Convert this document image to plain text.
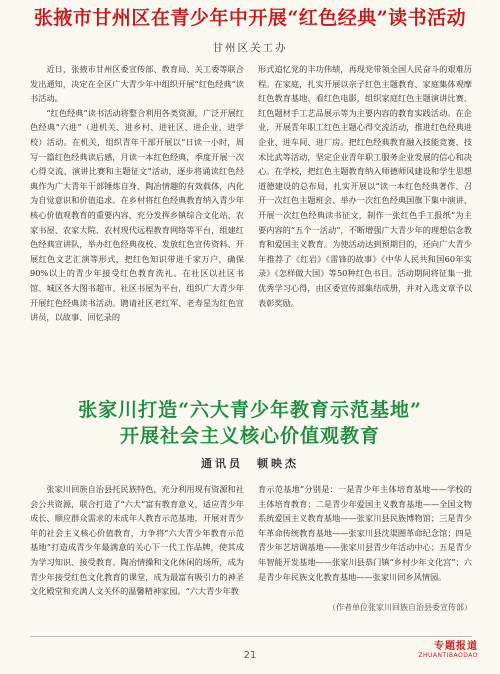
张掖市甘州区在青少年中开展“红色经典”读书活动
甘州区关工办

近日，张掖市甘州区委宣传部、教育局、关工委等联合发出通知，决定在全区广大青少年中组织开展“红色经典”读书活动。

“红色经典”读书活动将整合利用各类资源，广泛开展红色经典“六进”（进机关、进乡村、进社区、进企业、进学校）活动。在机关，组织青年干部开展以“日读一小时，周写一篇红色经典读后感，月读一本红色经典，季度开展一次心得交流、演讲比赛和主题征文”活动，逐步将诵读红色经典作为广大青年干部锤炼自身、陶冶情趣的有效载体，内化为自觉意识和价值追求。在乡村将红色经典教育纳入青少年核心价值观教育的重要内容，充分发挥乡镇综合文化站、农家书屋、农家大院、农村现代远程教育网络等平台，组建红色经典宣讲队，举办红色经典夜校、发放红色宣传资料、开展红色文艺汇演等形式，把红色知识带进千家万户，确保90%以上的青少年接受红色教育洗礼。在社区以社区书馆、城区各大图书超市、社区书屋为平台，组织广大青少年开展红色经典读书活动。聘请社区老红军、老寿星为红色宣讲员，以故事、回忆录的

形式追忆党的丰功伟绩，再现党带领全国人民奋斗的艰难历程。在家庭，扎实开展以亲子红色主题教育、家庭集体观摩红色教育基地、看红色电影，组织家庭红色主题演讲比赛、红色题材手工艺品展示等为主要内容的教育实践活动。在企业，开展青年职工红色主题心得交流活动，推进红色经典进企业、进车间、进厂房。把红色经典教育融入技能竞赛、技术比武等活动，坚定企业青年职工服务企业发展的信心和决心。在学校，把红色主题教育纳入师德师风建设和学生思想道德建设的总布局，扎实开展以“读一本红色经典著作、召开一次红色主题班会、举办一次红色经典国旗下集中演讲、开展一次红色经典读书征文，制作一张红色手工报纸”为主要内容的“五个一活动”，不断增强广大青少年的理想信念教育和爱国主义教育。为使活动达到预期目的，还向广大青少年推荐了《红岩》《雷锋的故事》《中华人民共和国60年实录》《怎样做大国》等50种红色书目。活动期间将征集一批优秀学习心得，由区委宣传部集结成册，并对入选文章予以表彰奖励。

张家川打造“六大青少年教育示范基地”
开展社会主义核心价值观教育
通讯员　顿映杰

张家川回族自治县托民族特色，充分利用现有资源和社会公共资源，联合打造了“六大”富有教育意义，适应青少年成长、顺应群众需求的未成年人教育示范基地，开展对青少年的社会主义核心价值教育，力争将“六大青少年教育示范基地”打造成青少年最满意的关心下一代工作品牌，使其成为学习知识、接受教育、陶冶情操和文化休闲的场所，成为青少年接受红色文化教育的课堂，成为最富有吸引力的神圣文化殿堂和充满人文关怀的温馨精神家园。“六大青少年教

育示范基地”分别是：一是青少年主体培育基地——学校的主体培育教育；二是青少年爱国主义教育基地——全国文物系统爱国主义教育基地——张家川县民族博物馆；三是青少年革命传统教育基地——张家川县沈渠圈革命纪念馆；四是青少年艺培调基地——张家川县青少年活动中心；五是青少年智能开发基地——张家川县恭门镇“乡村少年文化宫”；六是青少年民族文化教育基地——张家川回乡风情园。

（作者单位张家川回族自治县委宣传部）
21
专题报道
ZHUANTIBAODAO
